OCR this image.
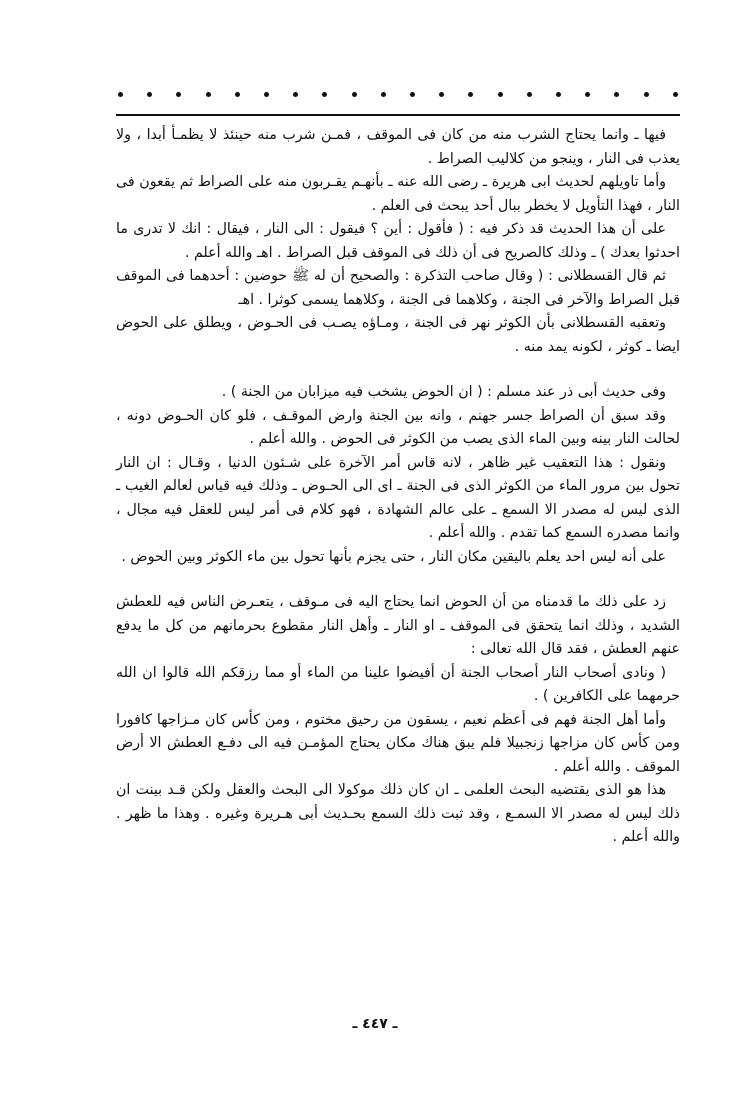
فيها ـ وانما يحتاج الشرب منه من كان فى الموقف ، فمـن شرب منه حينئذ لا يظمـأ أبدا ، ولا يعذب فى النار ، وينجو من كلاليب الصراط .

وأما تاويلهم لحديث ابى هريرة ـ رضى الله عنه ـ بأنهـم يقـربون منه على الصراط ثم يقعون فى النار ، فهذا التأويل لا يخطر ببال أحد يبحث فى العلم .

على أن هذا الحديث قد ذكر فيه : ( فأقول : أين ؟ فيقول : الى النار ، فيقال : انك لا تدرى ما احدثوا بعدك ) ـ وذلك كالصريح فى أن ذلك فى الموقف قبل الصراط . اهـ والله أعلم .

ثم قال القسطلانى : ( وقال صاحب التذكرة : والصحيح أن له ﷺ حوضين : أحدهما فى الموقف قبل الصراط والآخر فى الجنة ، وكلاهما فى الجنة ، وكلاهما يسمى كوثرا . اهـ

وتعقبه القسطلانى بأن الكوثر نهر فى الجنة ، ومـاؤه يصـب فى الحـوض ، ويطلق على الحوض ايضا ـ كوثر ، لكونه يمد منه .

وفى حديث أبى ذر عند مسلم : ( ان الحوض يشخب فيه ميزابان من الجنة ) .

وقد سبق أن الصراط جسر جهنم ، وانه بين الجنة وارض الموقـف ، فلو كان الحـوض دونه ، لحالت النار بينه وبين الماء الذى يصب من الكوثر فى الحوض . والله أعلم .

ونقول : هذا التعقيب غير ظاهر ، لانه قاس أمر الآخرة على شـئون الدنيا ، وقـال : ان النار تحول بين مرور الماء من الكوثر الذى فى الجنة ـ اى الى الحـوض ـ وذلك فيه قياس لعالم الغيب ـ الذى ليس له مصدر الا السمع ـ على عالم الشهادة ، فهو كلام فى أمر ليس للعقل فيه مجال ، وانما مصدره السمع كما تقدم . والله أعلم .

على أنه ليس احد يعلم باليقين مكان النار ، حتى يجزم بأنها تحول بين ماء الكوثر وبين الحوض .

زد على ذلك ما قدمناه من أن الحوض انما يحتاج اليه فى مـوقف ، يتعـرض الناس فيه للعطش الشديد ، وذلك انما يتحقق فى الموقف ـ او النار ـ وأهل النار مقطوع بحرمانهم من كل ما يدفع عنهم العطش ، فقد قال الله تعالى :

( ونادى أصحاب النار أصحاب الجنة أن أفيضوا علينا من الماء أو مما رزقكم الله قالوا ان الله حرمهما على الكافرين ) .

وأما أهل الجنة فهم فى أعظم نعيم ، يسقون من رحيق مختوم ، ومن كأس كان مـزاجها كافورا ومن كأس كان مزاجها زنجبيلا فلم يبق هناك مكان يحتاج المؤمـن فيه الى دفـع العطش الا أرض الموقف . والله أعلم .

هذا هو الذى يقتضيه البحث العلمى ـ ان كان ذلك موكولا الى البحث والعقل ولكن قـد بينت ان ذلك ليس له مصدر الا السمـع ، وقد ثبت ذلك السمع بحـديث أبى هـريرة وغيره . وهذا ما ظهر . والله أعلم .

ـ ٤٤٧ ـ
